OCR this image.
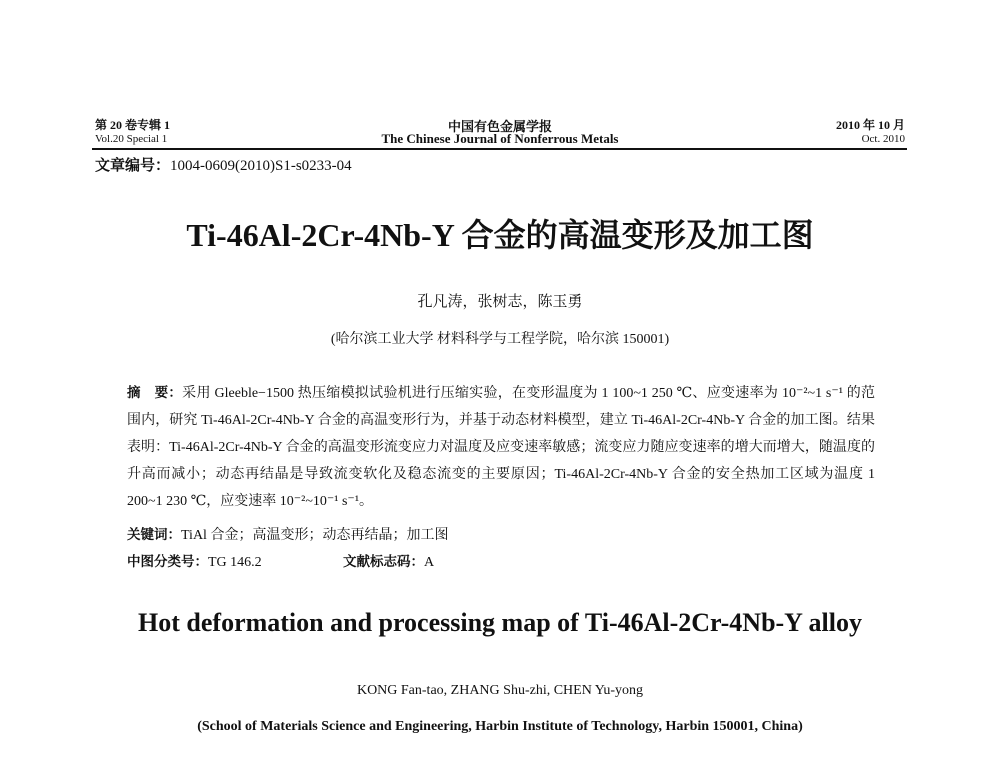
第 20 卷专辑 1
Vol.20 Special 1
中国有色金属学报
The Chinese Journal of Nonferrous Metals
2010 年 10 月
Oct. 2010
文章编号：1004-0609(2010)S1-s0233-04
Ti-46Al-2Cr-4Nb-Y 合金的高温变形及加工图
孔凡涛，张树志，陈玉勇
(哈尔滨工业大学 材料科学与工程学院，哈尔滨 150001)

摘　要：采用 Gleeble−1500 热压缩模拟试验机进行压缩实验，在变形温度为 1 100~1 250 ℃、应变速率为 10⁻²~1 s⁻¹ 的范围内，研究 Ti-46Al-2Cr-4Nb-Y 合金的高温变形行为，并基于动态材料模型，建立 Ti-46Al-2Cr-4Nb-Y 合金的加工图。结果表明：Ti-46Al-2Cr-4Nb-Y 合金的高温变形流变应力对温度及应变速率敏感；流变应力随应变速率的增大而增大，随温度的升高而减小；动态再结晶是导致流变软化及稳态流变的主要原因；Ti-46Al-2Cr-4Nb-Y 合金的安全热加工区域为温度 1 200~1 230 ℃，应变速率 10⁻²~10⁻¹ s⁻¹。

关键词：TiAl 合金；高温变形；动态再结晶；加工图
中图分类号：TG 146.2	文献标志码：A
Hot deformation and processing map of Ti-46Al-2Cr-4Nb-Y alloy
KONG Fan-tao, ZHANG Shu-zhi, CHEN Yu-yong
(School of Materials Science and Engineering, Harbin Institute of Technology, Harbin 150001, China)
